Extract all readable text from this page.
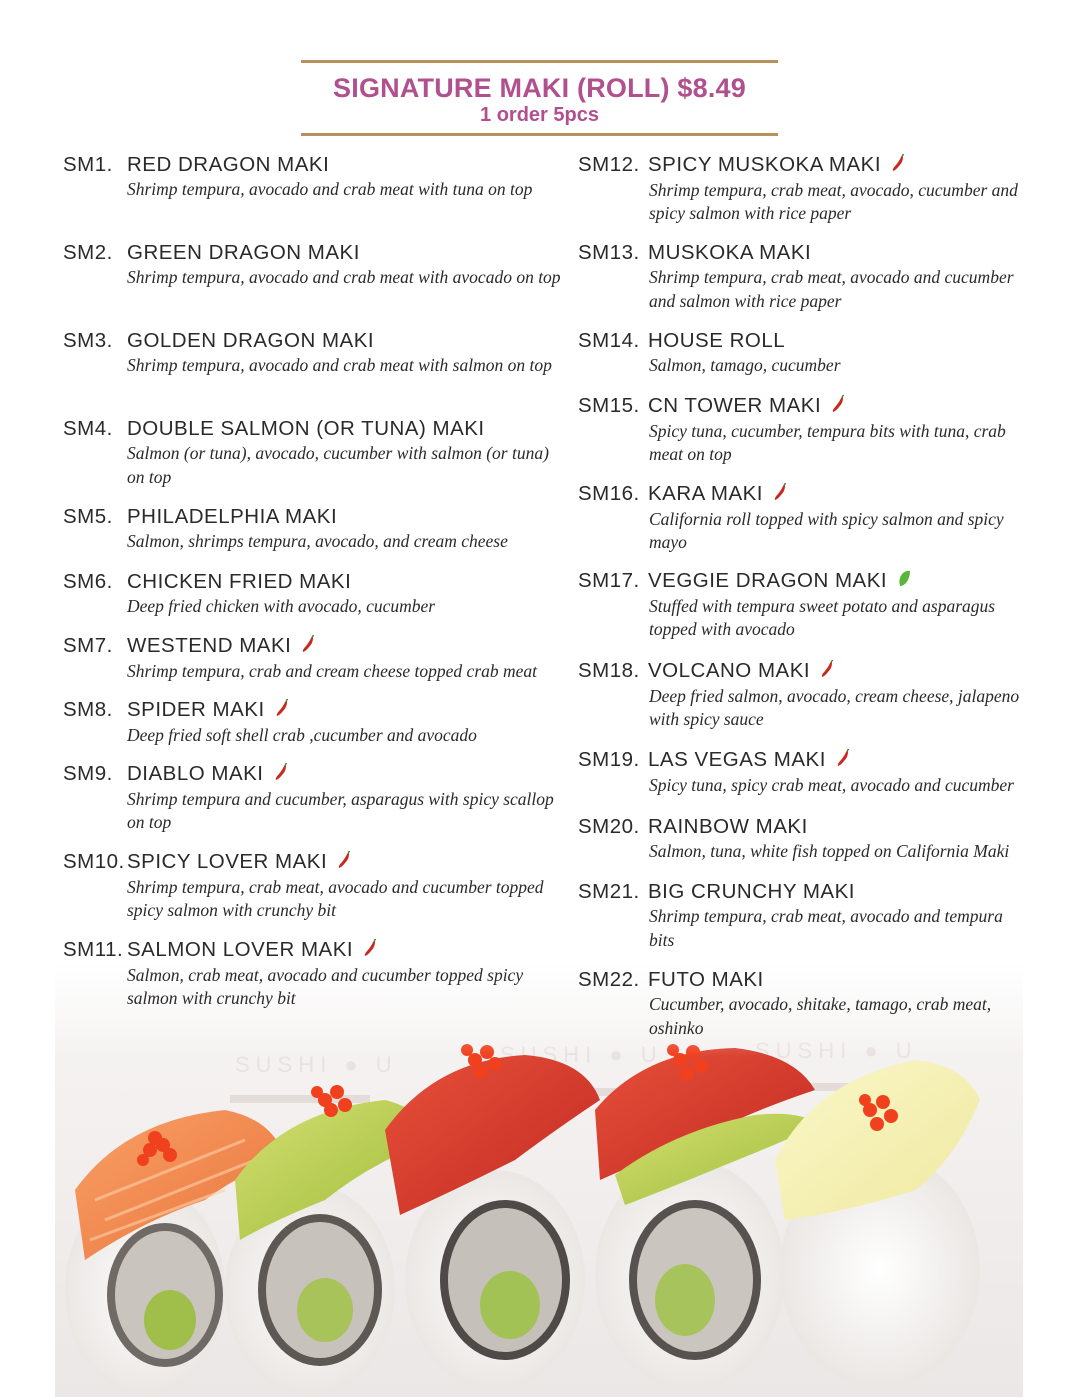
SIGNATURE MAKI (ROLL) $8.49
1 order 5pcs
SM1. RED DRAGON MAKI
Shrimp tempura, avocado and crab meat with tuna on top
SM2. GREEN DRAGON MAKI
Shrimp tempura, avocado and crab meat with avocado on top
SM3. GOLDEN DRAGON MAKI
Shrimp tempura, avocado and crab meat with salmon on top
SM4. DOUBLE SALMON (OR TUNA) MAKI
Salmon (or tuna), avocado, cucumber with salmon (or tuna) on top
SM5. PHILADELPHIA MAKI
Salmon, shrimps tempura, avocado, and cream cheese
SM6. CHICKEN FRIED MAKI
Deep fried chicken with avocado, cucumber
SM7. WESTEND MAKI
Shrimp tempura, crab and cream cheese topped crab meat
SM8. SPIDER MAKI
Deep fried soft shell crab ,cucumber and avocado
SM9. DIABLO MAKI
Shrimp tempura and cucumber, asparagus with spicy scallop on top
SM10. SPICY LOVER MAKI
Shrimp tempura, crab meat, avocado and cucumber topped spicy salmon with crunchy bit
SM11. SALMON LOVER MAKI
Salmon, crab meat, avocado and cucumber topped spicy salmon with crunchy bit
SM12. SPICY MUSKOKA MAKI
Shrimp tempura, crab meat, avocado, cucumber and spicy salmon with rice paper
SM13. MUSKOKA MAKI
Shrimp tempura, crab meat, avocado and cucumber and salmon with rice paper
SM14. HOUSE ROLL
Salmon, tamago, cucumber
SM15. CN TOWER MAKI
Spicy tuna, cucumber, tempura bits with tuna, crab meat on top
SM16. KARA MAKI
California roll topped with spicy salmon and spicy mayo
SM17. VEGGIE DRAGON MAKI
Stuffed with tempura sweet potato and asparagus topped with avocado
SM18. VOLCANO MAKI
Deep fried salmon, avocado, cream cheese, jalapeno with spicy sauce
SM19. LAS VEGAS MAKI
Spicy tuna, spicy crab meat, avocado and cucumber
SM20. RAINBOW MAKI
Salmon, tuna, white fish topped on California Maki
SM21. BIG CRUNCHY MAKI
Shrimp tempura, crab meat, avocado and tempura bits
SM22. FUTO MAKI
Cucumber, avocado, shitake, tamago, crab meat, oshinko
